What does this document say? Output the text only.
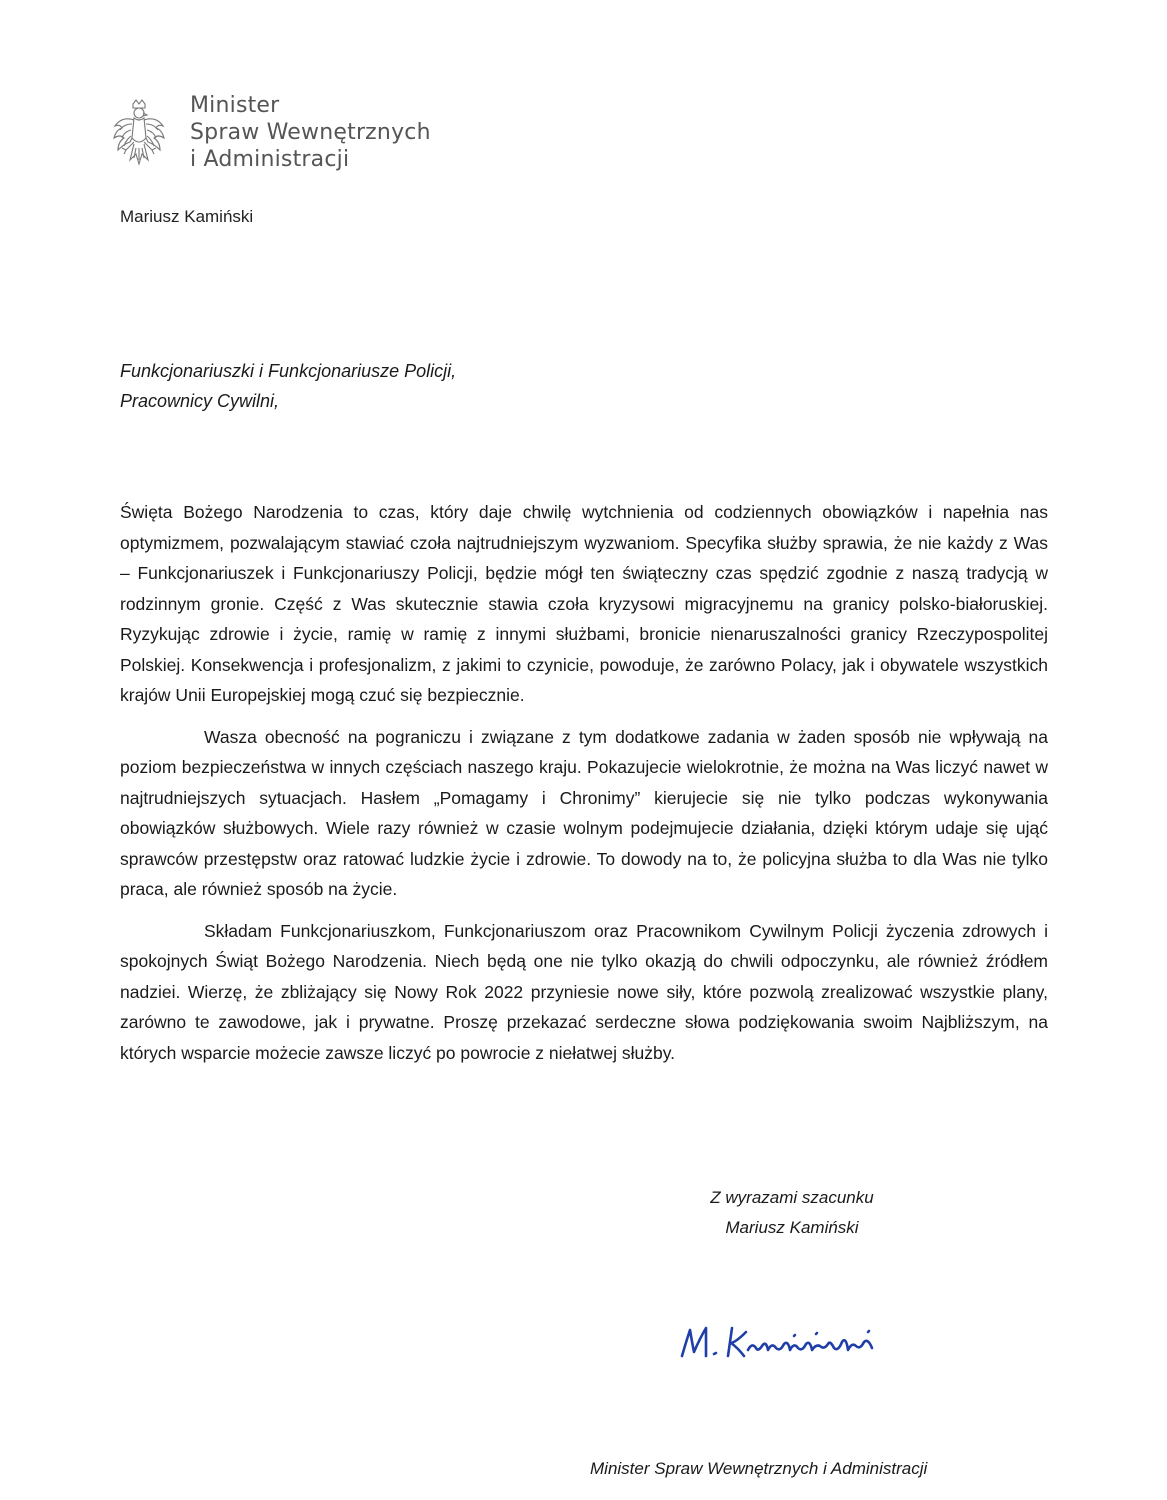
Minister
Spraw Wewnętrznych
i Administracji
Mariusz Kamiński
Funkcjonariuszki i Funkcjonariusze Policji,
Pracownicy Cywilni,

Święta Bożego Narodzenia to czas, który daje chwilę wytchnienia od codziennych obowiązków i napełnia nas optymizmem, pozwalającym stawiać czoła najtrudniejszym wyzwaniom. Specyfika służby sprawia, że nie każdy z Was – Funkcjonariuszek i Funkcjonariuszy Policji, będzie mógł ten świąteczny czas spędzić zgodnie z naszą tradycją w rodzinnym gronie. Część z Was skutecznie stawia czoła kryzysowi migracyjnemu na granicy polsko-białoruskiej. Ryzykując zdrowie i życie, ramię w ramię z innymi służbami, bronicie nienaruszalności granicy Rzeczypospolitej Polskiej. Konsekwencja i profesjonalizm, z jakimi to czynicie, powoduje, że zarówno Polacy, jak i obywatele wszystkich krajów Unii Europejskiej mogą czuć się bezpiecznie.

Wasza obecność na pograniczu i związane z tym dodatkowe zadania w żaden sposób nie wpływają na poziom bezpieczeństwa w innych częściach naszego kraju. Pokazujecie wielokrotnie, że można na Was liczyć nawet w najtrudniejszych sytuacjach. Hasłem „Pomagamy i Chronimy” kierujecie się nie tylko podczas wykonywania obowiązków służbowych. Wiele razy również w czasie wolnym podejmujecie działania, dzięki którym udaje się ująć sprawców przestępstw oraz ratować ludzkie życie i zdrowie. To dowody na to, że policyjna służba to dla Was nie tylko praca, ale również sposób na życie.

Składam Funkcjonariuszkom, Funkcjonariuszom oraz Pracownikom Cywilnym Policji życzenia zdrowych i spokojnych Świąt Bożego Narodzenia. Niech będą one nie tylko okazją do chwili odpoczynku, ale również źródłem nadziei. Wierzę, że zbliżający się Nowy Rok 2022 przyniesie nowe siły, które pozwolą zrealizować wszystkie plany, zarówno te zawodowe, jak i prywatne. Proszę przekazać serdeczne słowa podziękowania swoim Najbliższym, na których wsparcie możecie zawsze liczyć po powrocie z niełatwej służby.

Z wyrazami szacunku
Mariusz Kamiński
Minister Spraw Wewnętrznych i Administracji
